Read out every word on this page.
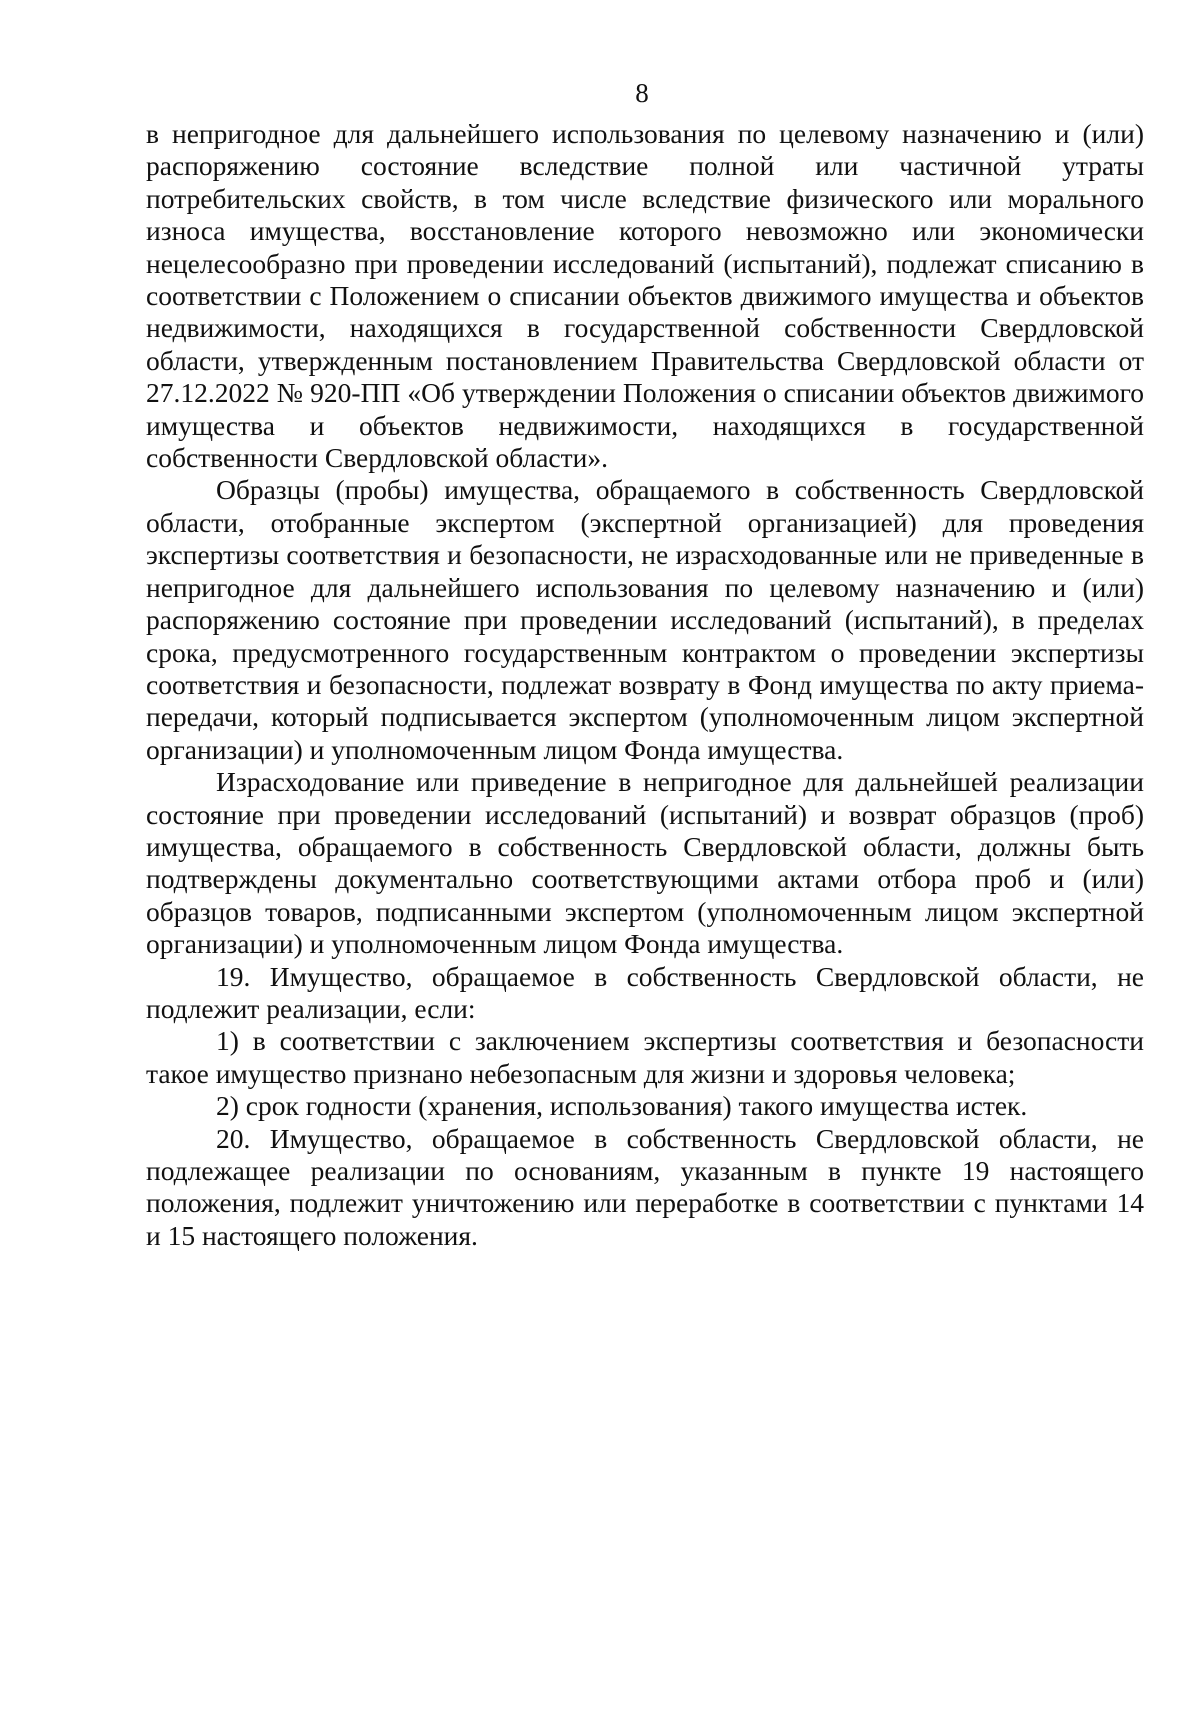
8

в непригодное для дальнейшего использования по целевому назначению и (или) распоряжению состояние вследствие полной или частичной утраты потребительских свойств, в том числе вследствие физического или морального износа имущества, восстановление которого невозможно или экономически нецелесообразно при проведении исследований (испытаний), подлежат списанию в соответствии с Положением о списании объектов движимого имущества и объектов недвижимости, находящихся в государственной собственности Свердловской области, утвержденным постановлением Правительства Свердловской области от 27.12.2022 № 920-ПП «Об утверждении Положения о списании объектов движимого имущества и объектов недвижимости, находящихся в государственной собственности Свердловской области».

Образцы (пробы) имущества, обращаемого в собственность Свердловской области, отобранные экспертом (экспертной организацией) для проведения экспертизы соответствия и безопасности, не израсходованные или не приведенные в непригодное для дальнейшего использования по целевому назначению и (или) распоряжению состояние при проведении исследований (испытаний), в пределах срока, предусмотренного государственным контрактом о проведении экспертизы соответствия и безопасности, подлежат возврату в Фонд имущества по акту приема-передачи, который подписывается экспертом (уполномоченным лицом экспертной организации) и уполномоченным лицом Фонда имущества.

Израсходование или приведение в непригодное для дальнейшей реализации состояние при проведении исследований (испытаний) и возврат образцов (проб) имущества, обращаемого в собственность Свердловской области, должны быть подтверждены документально соответствующими актами отбора проб и (или) образцов товаров, подписанными экспертом (уполномоченным лицом экспертной организации) и уполномоченным лицом Фонда имущества.

19. Имущество, обращаемое в собственность Свердловской области, не подлежит реализации, если:

1) в соответствии с заключением экспертизы соответствия и безопасности такое имущество признано небезопасным для жизни и здоровья человека;

2) срок годности (хранения, использования) такого имущества истек.

20. Имущество, обращаемое в собственность Свердловской области, не подлежащее реализации по основаниям, указанным в пункте 19 настоящего положения, подлежит уничтожению или переработке в соответствии с пунктами 14 и 15 настоящего положения.
